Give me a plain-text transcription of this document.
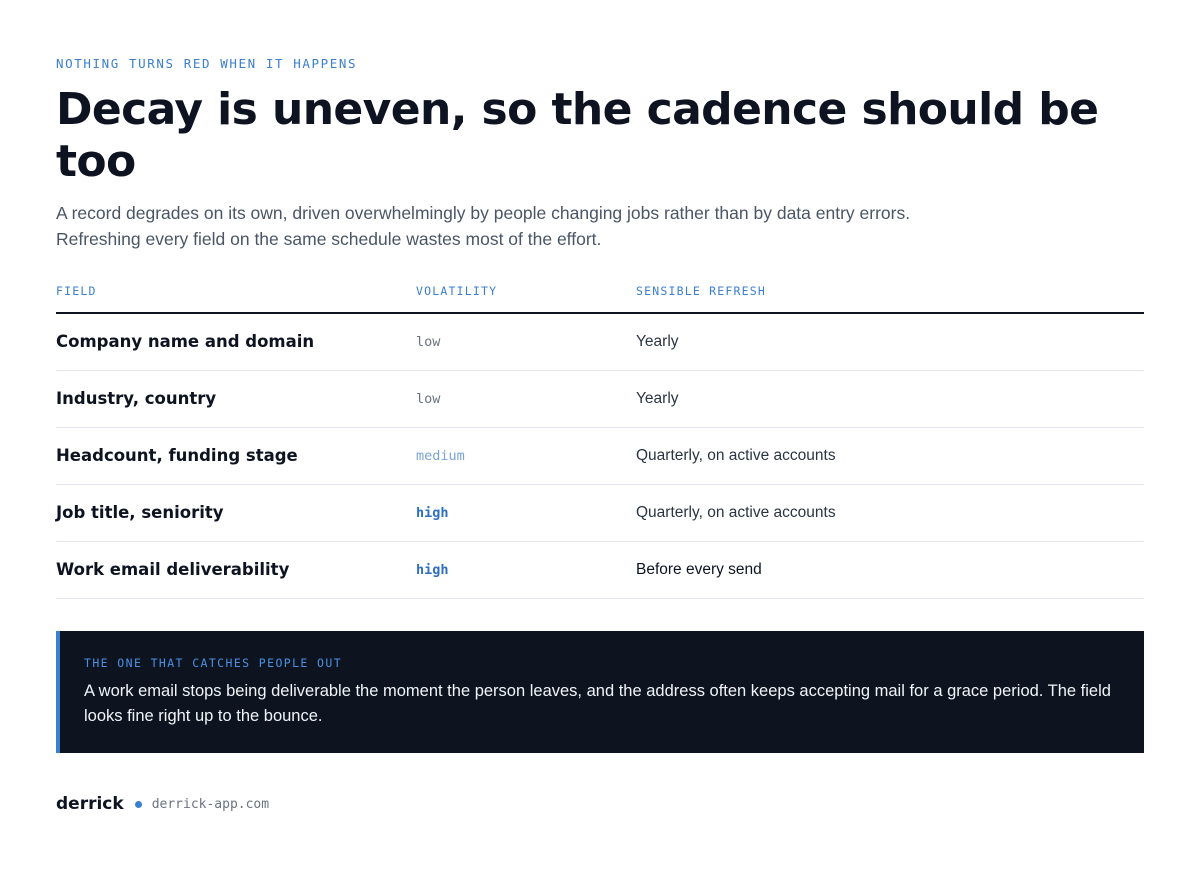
NOTHING TURNS RED WHEN IT HAPPENS
Decay is uneven, so the cadence should be too
A record degrades on its own, driven overwhelmingly by people changing jobs rather than by data entry errors.
Refreshing every field on the same schedule wastes most of the effort.
FIELD	VOLATILITY	SENSIBLE REFRESH
Company name and domain	low	Yearly
Industry, country	low	Yearly
Headcount, funding stage	medium	Quarterly, on active accounts
Job title, seniority	high	Quarterly, on active accounts
Work email deliverability	high	Before every send
THE ONE THAT CATCHES PEOPLE OUT
A work email stops being deliverable the moment the person leaves, and the address often keeps accepting mail for a grace period. The field looks fine right up to the bounce.
derrick derrick-app.com
